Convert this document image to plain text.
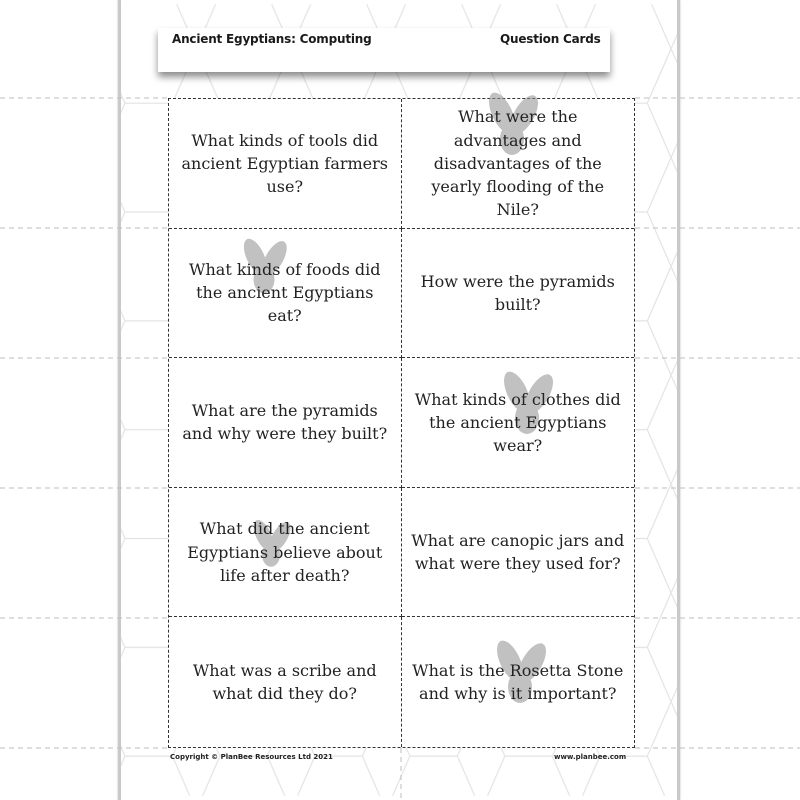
Ancient Egyptians: Computing	Question Cards
What kinds of tools did ancient Egyptian farmers use?
What were the advantages and disadvantages of the yearly flooding of the Nile?
What kinds of foods did the ancient Egyptians eat?
How were the pyramids built?
What are the pyramids and why were they built?
What kinds of clothes did the ancient Egyptians wear?
What did the ancient Egyptians believe about life after death?
What are canopic jars and what were they used for?
What was a scribe and what did they do?
What is the Rosetta Stone and why is it important?
Copyright © PlanBee Resources Ltd 2021	www.planbee.com
